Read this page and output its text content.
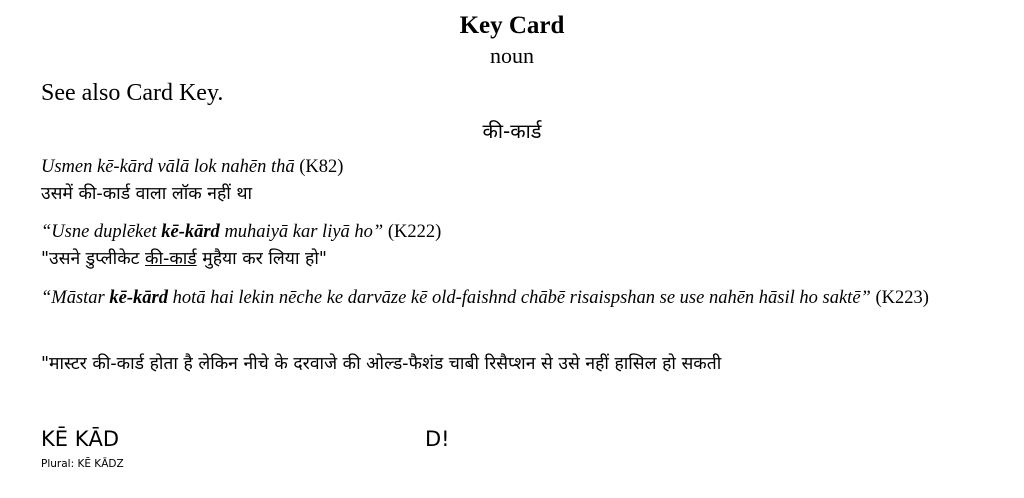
Key Card
noun
See also Card Key.
की-कार्ड
Usmen kē-kārd vālā lok nahēn thā (K82)
उसमें की-कार्ड वाला लॉक नहीं था
“Usne duplēket kē-kārd muhaiyā kar liyā ho” (K222)
"उसने डुप्लीकेट की-कार्ड मुहैया कर लिया हो"
“Māstar kē-kārd hotā hai lekin nēche ke darvāze kē old-faishnd chābē risaispshan se use nahēn hāsil ho saktē” (K223)
"मास्टर की-कार्ड होता है लेकिन नीचे के दरवाजे की ओल्ड-फैशंड चाबी रिसैप्शन से उसे नहीं हासिल हो सकती
KĒ KĀD	D!
Plural: KĒ KĀDZ
